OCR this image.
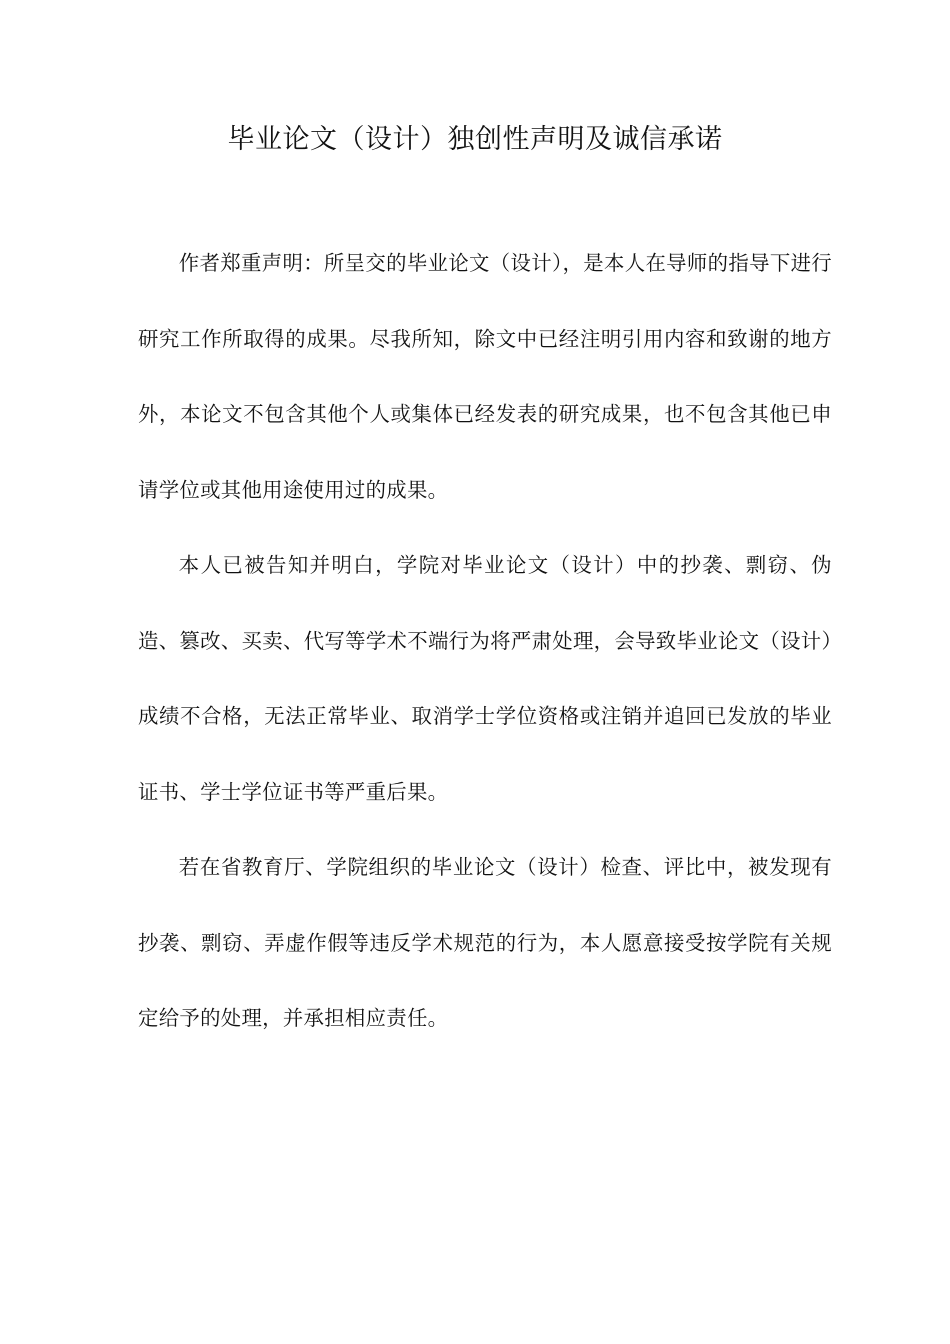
毕业论文（设计）独创性声明及诚信承诺

作者郑重声明：所呈交的毕业论文（设计），是本人在导师的指导下进行研究工作所取得的成果。尽我所知，除文中已经注明引用内容和致谢的地方外，本论文不包含其他个人或集体已经发表的研究成果，也不包含其他已申请学位或其他用途使用过的成果。

本人已被告知并明白，学院对毕业论文（设计）中的抄袭、剽窃、伪造、篡改、买卖、代写等学术不端行为将严肃处理，会导致毕业论文（设计）成绩不合格，无法正常毕业、取消学士学位资格或注销并追回已发放的毕业证书、学士学位证书等严重后果。

若在省教育厅、学院组织的毕业论文（设计）检查、评比中，被发现有抄袭、剽窃、弄虚作假等违反学术规范的行为，本人愿意接受按学院有关规定给予的处理，并承担相应责任。
